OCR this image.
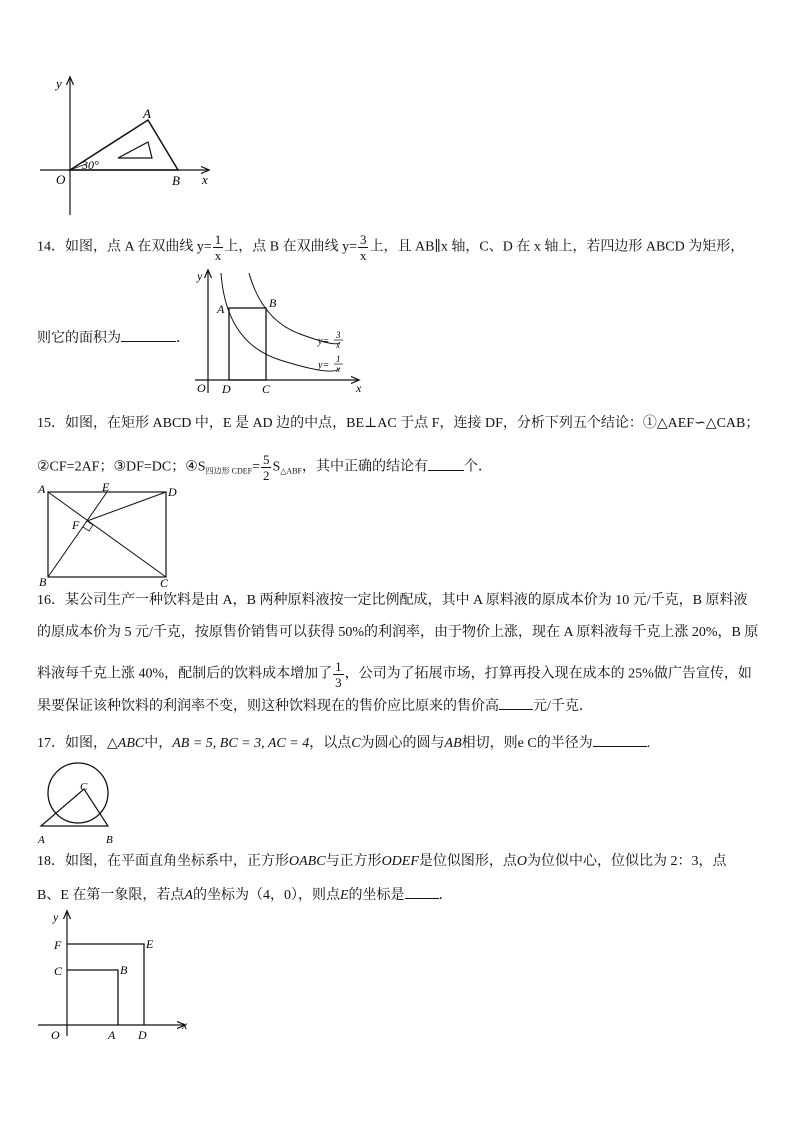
y
x
O
A
B
30°
14．如图，点 A 在双曲线 $y= \frac{1}{x}$ 上，点 B 在双曲线 $y= \frac{3}{x}$ 上，且 AB∥x 轴，C、D 在 x 轴上，若四边形 ABCD 为矩形，
则它的面积为	．
y
x
O
A	B
D	C
y=
3
x
y=
1
x
15．如图，在矩形 ABCD 中，E 是 AD 边的中点，BE⊥AC 于点 F，连接 DF，分析下列五个结论：①△AEF∽△CAB；
②CF=2AF；③DF=DC；$④S_{四边形 CDEF}= \frac{5}{2} S_{\triangle ABF}$，其中正确的结论有	个．
A	E	D
F
B	C
16．某公司生产一种饮料是由 A，B 两种原料液按一定比例配成，其中 A 原料液的原成本价为 10 元/千克，B 原料液
的原成本价为 5 元/千克，按原售价销售可以获得 50%的利润率，由于物价上涨，现在 A 原料液每千克上涨 20%，B 原
料液每千克上涨 40%，配制后的饮料成本增加了 $\frac{1}{3}$ ，公司为了拓展市场，打算再投入现在成本的 25%做广告宣传，如
果要保证该种饮料的利润率不变，则这种饮料现在的售价应比原来的售价高 元/千克．
17．如图，△ABC中，AB = 5, BC = 3, AC = 4，以点C为圆心的圆与AB相切，则e C的半径为	.
C
A	B
18．如图，在平面直角坐标系中，正方形OABC与正方形ODEF是位似图形，点O为位似中心，位似比为 2：3，点
B、E 在第一象限，若点A的坐标为（4，0），则点E的坐标是 ．
y
x
O
F
C	B
E
A D
